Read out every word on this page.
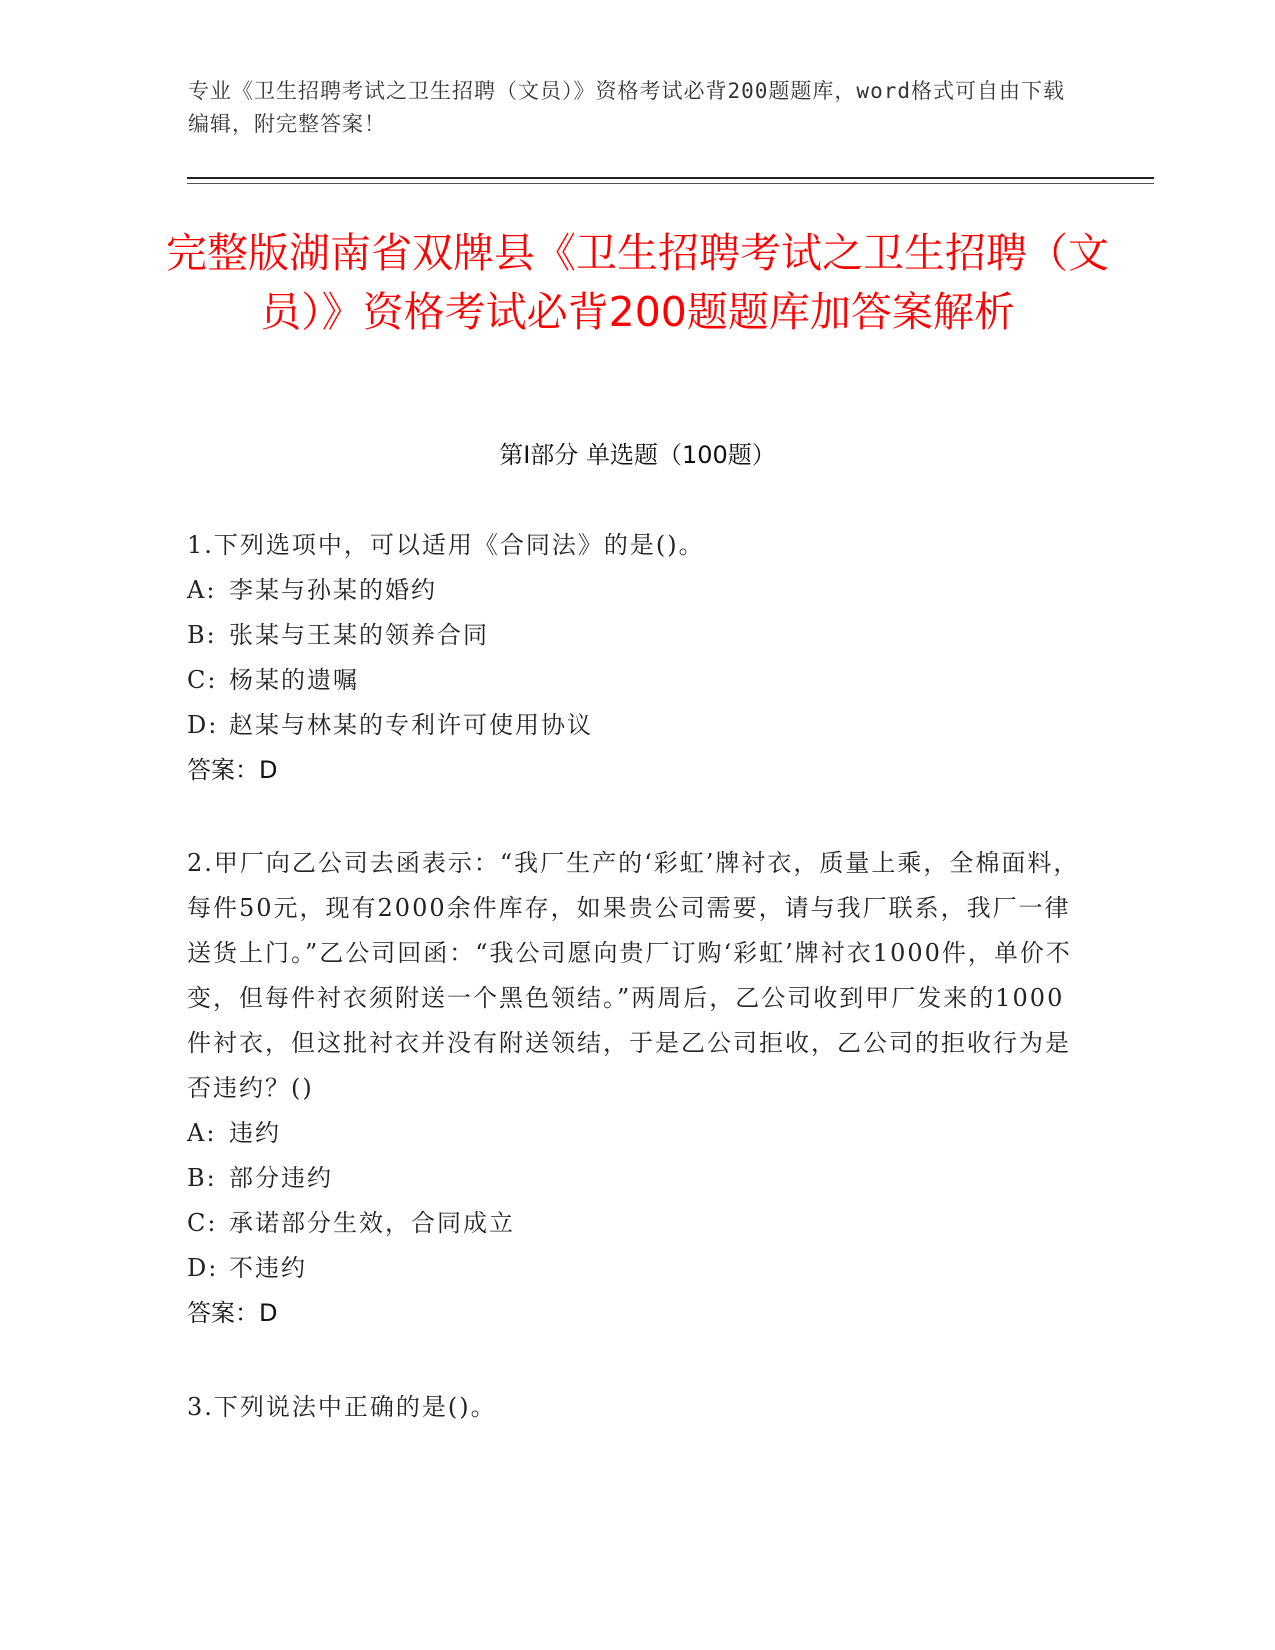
专业《卫生招聘考试之卫生招聘（文员）》资格考试必背200题题库，word格式可自由下载编辑，附完整答案！
完整版湖南省双牌县《卫生招聘考试之卫生招聘（文员）》资格考试必背200题题库加答案解析
第Ⅰ部分 单选题（100题）

1.下列选项中，可以适用《合同法》的是()。

A: 李某与孙某的婚约

B: 张某与王某的领养合同

C: 杨某的遗嘱

D: 赵某与林某的专利许可使用协议

答案：D

2.甲厂向乙公司去函表示：“我厂生产的‘彩虹’牌衬衣，质量上乘，全棉面料，每件50元，现有2000余件库存，如果贵公司需要，请与我厂联系，我厂一律送货上门。”乙公司回函：“我公司愿向贵厂订购‘彩虹’牌衬衣1000件，单价不变，但每件衬衣须附送一个黑色领结。”两周后，乙公司收到甲厂发来的1000件衬衣，但这批衬衣并没有附送领结，于是乙公司拒收，乙公司的拒收行为是否违约？()

A: 违约

B: 部分违约

C: 承诺部分生效，合同成立

D: 不违约

答案：D

3.下列说法中正确的是()。
